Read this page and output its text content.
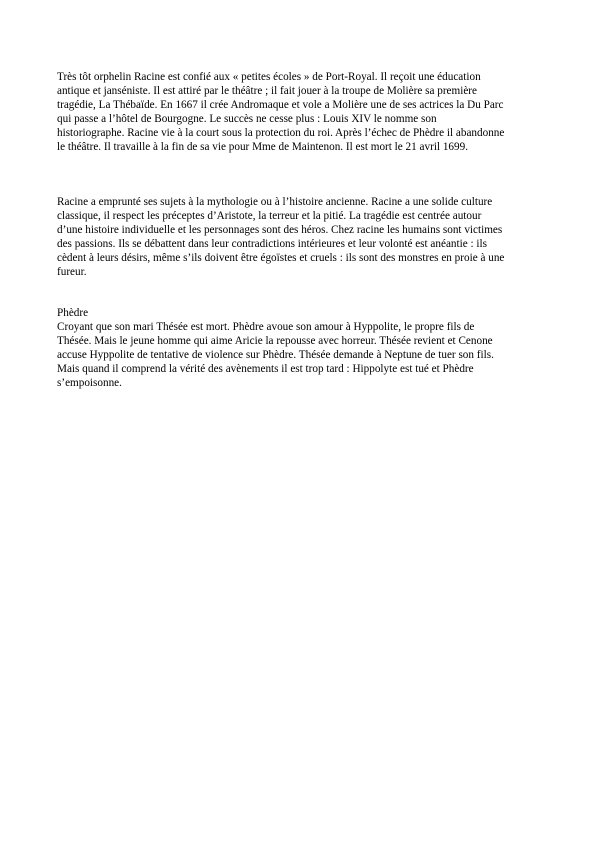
Très tôt orphelin Racine est confié aux « petites écoles » de Port-Royal. Il reçoit une éducation
antique et janséniste. Il est attiré par le théâtre ; il fait jouer à la troupe de Molière sa première
tragédie, La Thébaïde. En 1667 il crée Andromaque et vole a Molière une de ses actrices la Du Parc
qui passe a l’hôtel de Bourgogne. Le succès ne cesse plus : Louis XIV le nomme son
historiographe. Racine vie à la court sous la protection du roi. Après l’échec de Phèdre il abandonne
le théâtre. Il travaille à la fin de sa vie pour Mme de Maintenon. Il est mort le 21 avril 1699.

Racine a emprunté ses sujets à la mythologie ou à l’histoire ancienne. Racine a une solide culture
classique, il respect les préceptes d’Aristote, la terreur et la pitié. La tragédie est centrée autour
d’une histoire individuelle et les personnages sont des héros. Chez racine les humains sont victimes
des passions. Ils se débattent dans leur contradictions intérieures et leur volonté est anéantie : ils
cèdent à leurs désirs, même s’ils doivent être égoïstes et cruels : ils sont des monstres en proie à une
fureur.

Phèdre
Croyant que son mari Thésée est mort. Phèdre avoue son amour à Hyppolite, le propre fils de
Thésée. Mais le jeune homme qui aime Aricie la repousse avec horreur. Thésée revient et Cenone
accuse Hyppolite de tentative de violence sur Phèdre. Thésée demande à Neptune de tuer son fils.
Mais quand il comprend la vérité des avènements il est trop tard : Hippolyte est tué et Phèdre
s’empoisonne.
